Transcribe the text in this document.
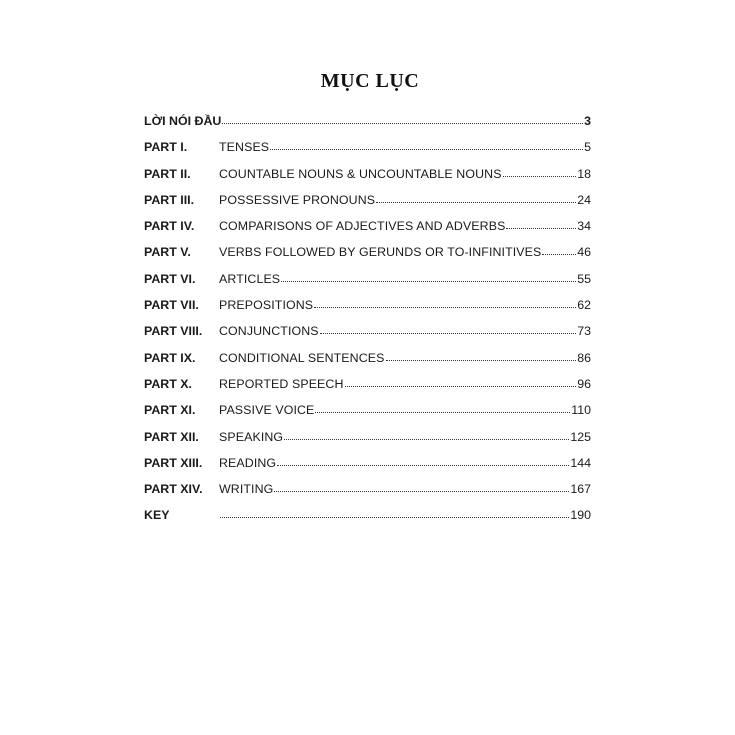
MỤC LỤC
LỜI NÓI ĐẦU	3
PART I.	TENSES	5
PART II.	COUNTABLE NOUNS & UNCOUNTABLE NOUNS	18
PART III.	POSSESSIVE PRONOUNS	24
PART IV.	COMPARISONS OF ADJECTIVES AND ADVERBS	34
PART V.	VERBS FOLLOWED BY GERUNDS OR TO-INFINITIVES	46
PART VI.	ARTICLES	55
PART VII.	PREPOSITIONS	62
PART VIII.	CONJUNCTIONS	73
PART IX.	CONDITIONAL SENTENCES	86
PART X.	REPORTED SPEECH	96
PART XI.	PASSIVE VOICE	110
PART XII.	SPEAKING	125
PART XIII.	READING	144
PART XIV.	WRITING	167
KEY	190
